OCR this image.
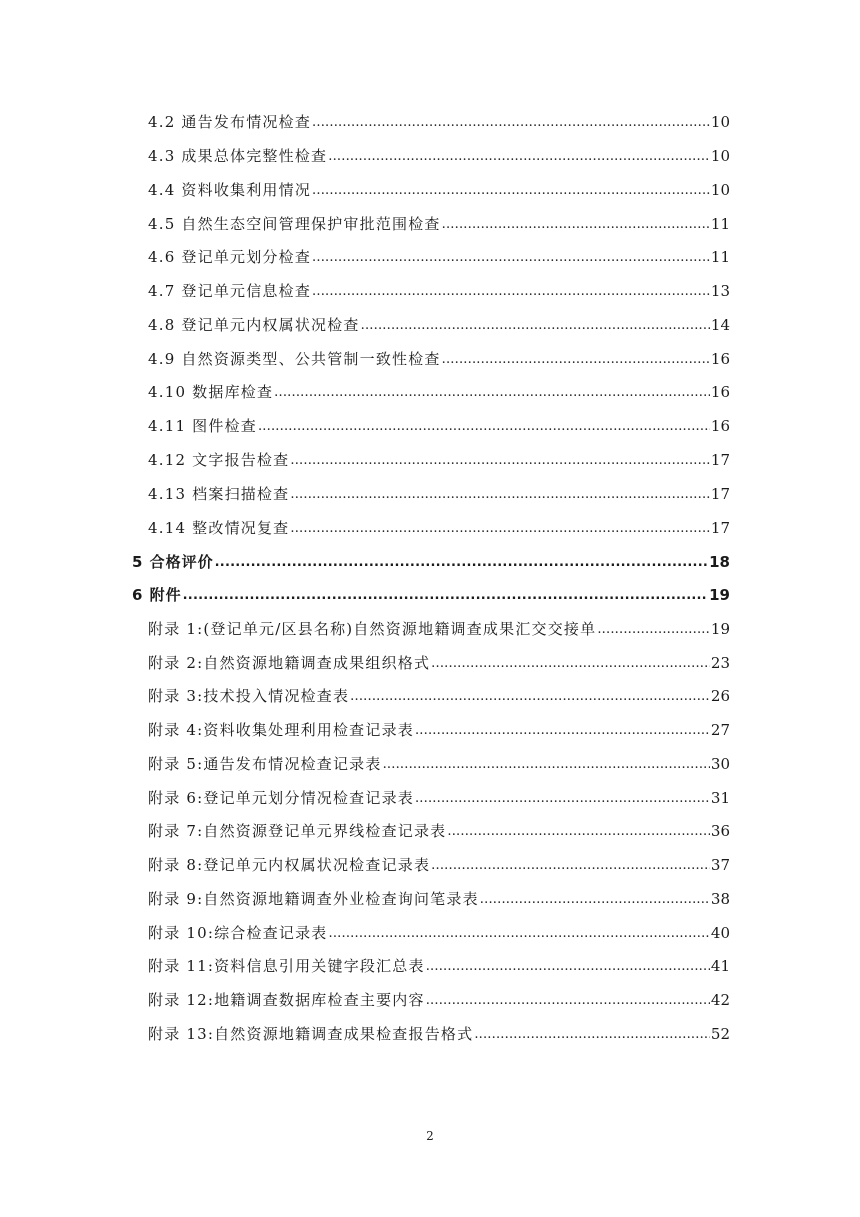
4.2 通告发布情况检查 .....	10
4.3 成果总体完整性检查 .....	10
4.4 资料收集利用情况 .....	10
4.5 自然生态空间管理保护审批范围检查 .....	11
4.6 登记单元划分检查 .....	11
4.7 登记单元信息检查 .....	13
4.8 登记单元内权属状况检查 .....	14
4.9 自然资源类型、公共管制一致性检查 .....	16
4.10 数据库检查 .....	16
4.11 图件检查 .....	16
4.12 文字报告检查 .....	17
4.13 档案扫描检查 .....	17
4.14 整改情况复查 .....	17
5 合格评价 .....	18
6 附件 .....	19
附录 1:(登记单元/区县名称)自然资源地籍调查成果汇交交接单 .....	19
附录 2:自然资源地籍调查成果组织格式 .....	23
附录 3:技术投入情况检查表 .....	26
附录 4:资料收集处理利用检查记录表 .....	27
附录 5:通告发布情况检查记录表 .....	30
附录 6:登记单元划分情况检查记录表 .....	31
附录 7:自然资源登记单元界线检查记录表 .....	36
附录 8:登记单元内权属状况检查记录表 .....	37
附录 9:自然资源地籍调查外业检查询问笔录表 .....	38
附录 10:综合检查记录表 .....	40
附录 11:资料信息引用关键字段汇总表 .....	41
附录 12:地籍调查数据库检查主要内容 .....	42
附录 13:自然资源地籍调查成果检查报告格式 .....	52
2
